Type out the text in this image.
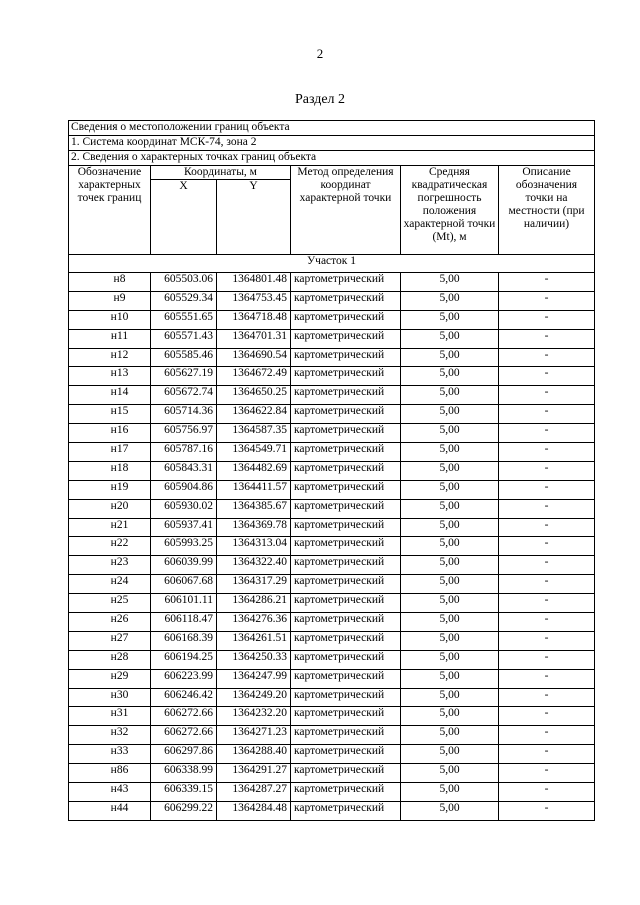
2
Раздел 2
Сведения о местоположении границ объекта					
1. Система координат МСК-74, зона 2					
2. Сведения о характерных точках границ объекта					
Обозначение характерных точек границ	Координаты, м		Метод определения координат характерной точки	Средняя квадратическая погрешность положения характерной точки (Mt), м	Описание обозначения точки на местности (при наличии)
	X	Y			
Участок 1					
н8	605503.06	1364801.48	картометрический	5,00	-
н9	605529.34	1364753.45	картометрический	5,00	-
н10	605551.65	1364718.48	картометрический	5,00	-
н11	605571.43	1364701.31	картометрический	5,00	-
н12	605585.46	1364690.54	картометрический	5,00	-
н13	605627.19	1364672.49	картометрический	5,00	-
н14	605672.74	1364650.25	картометрический	5,00	-
н15	605714.36	1364622.84	картометрический	5,00	-
н16	605756.97	1364587.35	картометрический	5,00	-
н17	605787.16	1364549.71	картометрический	5,00	-
н18	605843.31	1364482.69	картометрический	5,00	-
н19	605904.86	1364411.57	картометрический	5,00	-
н20	605930.02	1364385.67	картометрический	5,00	-
н21	605937.41	1364369.78	картометрический	5,00	-
н22	605993.25	1364313.04	картометрический	5,00	-
н23	606039.99	1364322.40	картометрический	5,00	-
н24	606067.68	1364317.29	картометрический	5,00	-
н25	606101.11	1364286.21	картометрический	5,00	-
н26	606118.47	1364276.36	картометрический	5,00	-
н27	606168.39	1364261.51	картометрический	5,00	-
н28	606194.25	1364250.33	картометрический	5,00	-
н29	606223.99	1364247.99	картометрический	5,00	-
н30	606246.42	1364249.20	картометрический	5,00	-
н31	606272.66	1364232.20	картометрический	5,00	-
н32	606272.66	1364271.23	картометрический	5,00	-
н33	606297.86	1364288.40	картометрический	5,00	-
н86	606338.99	1364291.27	картометрический	5,00	-
н43	606339.15	1364287.27	картометрический	5,00	-
н44	606299.22	1364284.48	картометрический	5,00	-
